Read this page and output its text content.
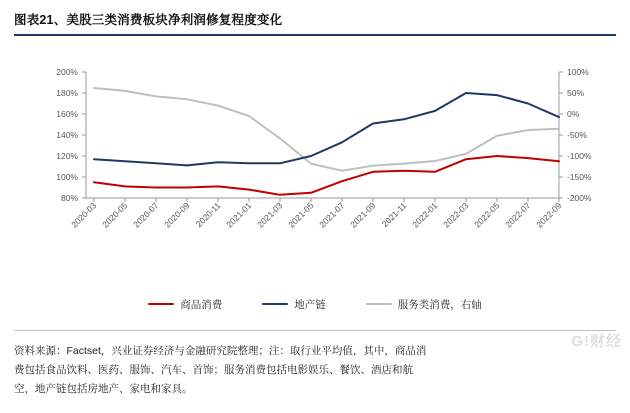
图表21、美股三类消费板块净利润修复程度变化
80%
100%
120%
140%
160%
180%
200%
-200%
-150%
-100%
-50%
0%
50%
100%
2020-03 2020-05 2020-07 2020-09 2020-11 2021-01 2021-03 2021-05 2021-07 2021-09 2021-11 2022-01 2022-03 2022-05 2022-07 2022-09
商品消费	地产链	服务类消费，右轴
资料来源：Factset，兴业证券经济与金融研究院整理；注：取行业平均值，其中，商品消
费包括食品饮料、医药、服饰、汽车、首饰；服务消费包括电影娱乐、餐饮、酒店和航
空，地产链包括房地产、家电和家具。
G!财经
